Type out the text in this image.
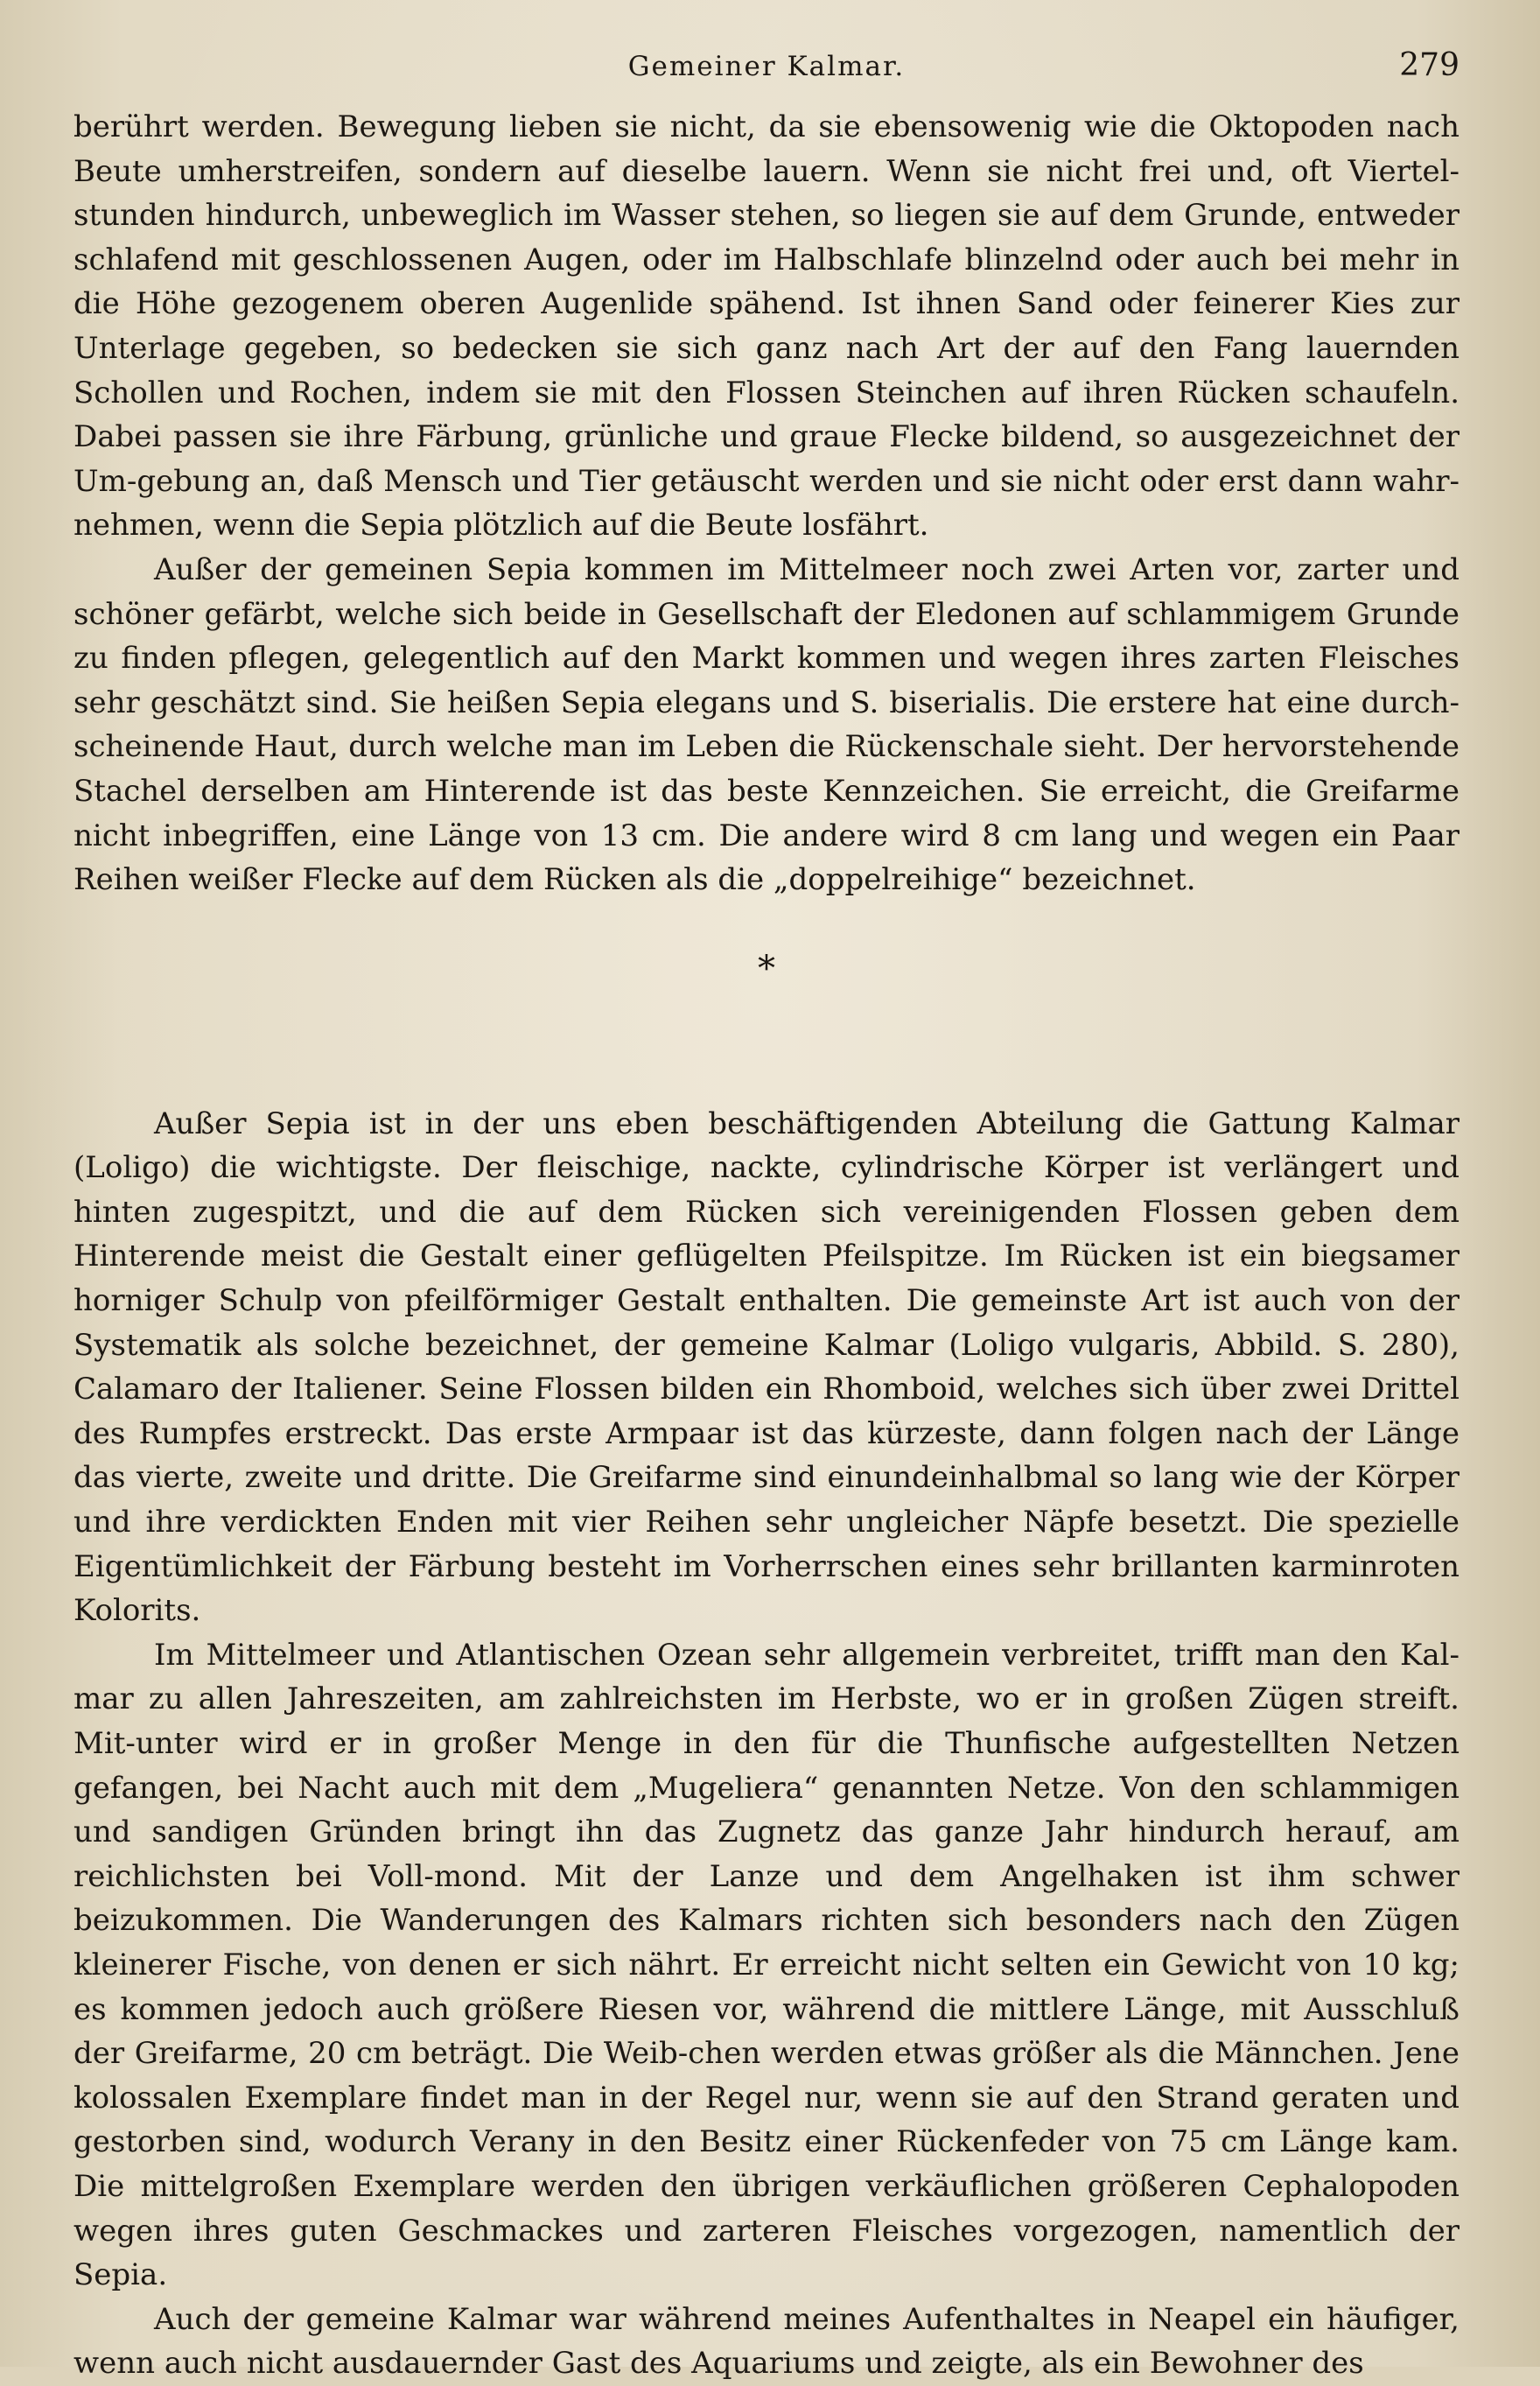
Gemeiner Kalmar.	279

berührt werden. Bewegung lieben sie nicht, da sie ebensowenig wie die Oktopoden nach Beute umherstreifen, sondern auf dieselbe lauern. Wenn sie nicht frei und, oft Viertel-stunden hindurch, unbeweglich im Wasser stehen, so liegen sie auf dem Grunde, entweder schlafend mit geschlossenen Augen, oder im Halbschlafe blinzelnd oder auch bei mehr in die Höhe gezogenem oberen Augenlide spähend. Ist ihnen Sand oder feinerer Kies zur Unterlage gegeben, so bedecken sie sich ganz nach Art der auf den Fang lauernden Schollen und Rochen, indem sie mit den Flossen Steinchen auf ihren Rücken schaufeln. Dabei passen sie ihre Färbung, grünliche und graue Flecke bildend, so ausgezeichnet der Um-gebung an, daß Mensch und Tier getäuscht werden und sie nicht oder erst dann wahr-nehmen, wenn die Sepia plötzlich auf die Beute losfährt.

Außer der gemeinen Sepia kommen im Mittelmeer noch zwei Arten vor, zarter und schöner gefärbt, welche sich beide in Gesellschaft der Eledonen auf schlammigem Grunde zu finden pflegen, gelegentlich auf den Markt kommen und wegen ihres zarten Fleisches sehr geschätzt sind. Sie heißen Sepia elegans und S. biserialis. Die erstere hat eine durch-scheinende Haut, durch welche man im Leben die Rückenschale sieht. Der hervorstehende Stachel derselben am Hinterende ist das beste Kennzeichen. Sie erreicht, die Greifarme nicht inbegriffen, eine Länge von 13 cm. Die andere wird 8 cm lang und wegen ein Paar Reihen weißer Flecke auf dem Rücken als die „doppelreihige“ bezeichnet.

*

Außer Sepia ist in der uns eben beschäftigenden Abteilung die Gattung Kalmar (Loligo) die wichtigste. Der fleischige, nackte, cylindrische Körper ist verlängert und hinten zugespitzt, und die auf dem Rücken sich vereinigenden Flossen geben dem Hinterende meist die Gestalt einer geflügelten Pfeilspitze. Im Rücken ist ein biegsamer horniger Schulp von pfeilförmiger Gestalt enthalten. Die gemeinste Art ist auch von der Systematik als solche bezeichnet, der gemeine Kalmar (Loligo vulgaris, Abbild. S. 280), Calamaro der Italiener. Seine Flossen bilden ein Rhomboid, welches sich über zwei Drittel des Rumpfes erstreckt. Das erste Armpaar ist das kürzeste, dann folgen nach der Länge das vierte, zweite und dritte. Die Greifarme sind einundeinhalbmal so lang wie der Körper und ihre verdickten Enden mit vier Reihen sehr ungleicher Näpfe besetzt. Die spezielle Eigentümlichkeit der Färbung besteht im Vorherrschen eines sehr brillanten karminroten Kolorits.

Im Mittelmeer und Atlantischen Ozean sehr allgemein verbreitet, trifft man den Kal-mar zu allen Jahreszeiten, am zahlreichsten im Herbste, wo er in großen Zügen streift. Mit-unter wird er in großer Menge in den für die Thunfische aufgestellten Netzen gefangen, bei Nacht auch mit dem „Mugeliera“ genannten Netze. Von den schlammigen und sandigen Gründen bringt ihn das Zugnetz das ganze Jahr hindurch herauf, am reichlichsten bei Voll-mond. Mit der Lanze und dem Angelhaken ist ihm schwer beizukommen. Die Wanderungen des Kalmars richten sich besonders nach den Zügen kleinerer Fische, von denen er sich nährt. Er erreicht nicht selten ein Gewicht von 10 kg; es kommen jedoch auch größere Riesen vor, während die mittlere Länge, mit Ausschluß der Greifarme, 20 cm beträgt. Die Weib-chen werden etwas größer als die Männchen. Jene kolossalen Exemplare findet man in der Regel nur, wenn sie auf den Strand geraten und gestorben sind, wodurch Verany in den Besitz einer Rückenfeder von 75 cm Länge kam. Die mittelgroßen Exemplare werden den übrigen verkäuflichen größeren Cephalopoden wegen ihres guten Geschmackes und zarteren Fleisches vorgezogen, namentlich der Sepia.

Auch der gemeine Kalmar war während meines Aufenthaltes in Neapel ein häufiger, wenn auch nicht ausdauernder Gast des Aquariums und zeigte, als ein Bewohner des
